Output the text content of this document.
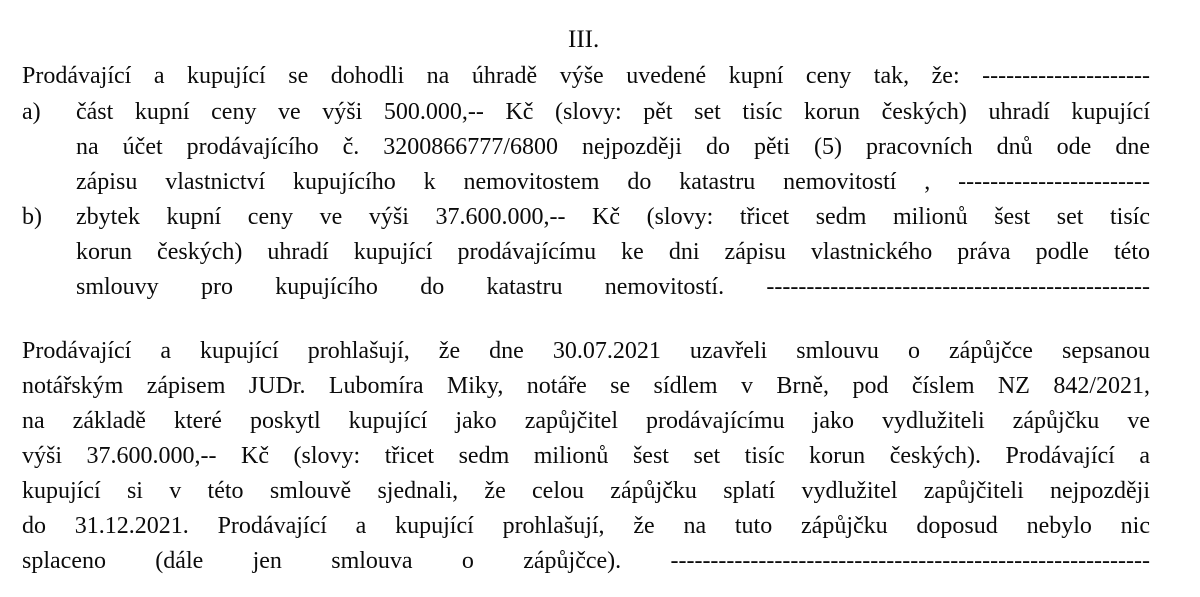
III.
Prodávající a kupující se dohodli na úhradě výše uvedené kupní ceny tak, že: ---------------------
a) část kupní ceny ve výši 500.000,-- Kč (slovy: pět set tisíc korun českých) uhradí kupující
na účet prodávajícího č. 3200866777/6800 nejpozději do pěti (5) pracovních dnů ode dne
zápisu vlastnictví kupujícího k nemovitostem do katastru nemovitostí , ------------------------
b) zbytek kupní ceny ve výši 37.600.000,-- Kč (slovy: třicet sedm milionů šest set tisíc
korun českých) uhradí kupující prodávajícímu ke dni zápisu vlastnického práva podle této
smlouvy pro kupujícího do katastru nemovitostí. ------------------------------------------------
Prodávající a kupující prohlašují, že dne 30.07.2021 uzavřeli smlouvu o zápůjčce sepsanou
notářským zápisem JUDr. Lubomíra Miky, notáře se sídlem v Brně, pod číslem NZ 842/2021,
na základě které poskytl kupující jako zapůjčitel prodávajícímu jako vydlužiteli zápůjčku ve
výši 37.600.000,-- Kč (slovy: třicet sedm milionů šest set tisíc korun českých). Prodávající a
kupující si v této smlouvě sjednali, že celou zápůjčku splatí vydlužitel zapůjčiteli nejpozději
do 31.12.2021. Prodávající a kupující prohlašují, že na tuto zápůjčku doposud nebylo nic
splaceno (dále jen smlouva o zápůjčce). ------------------------------------------------------------
